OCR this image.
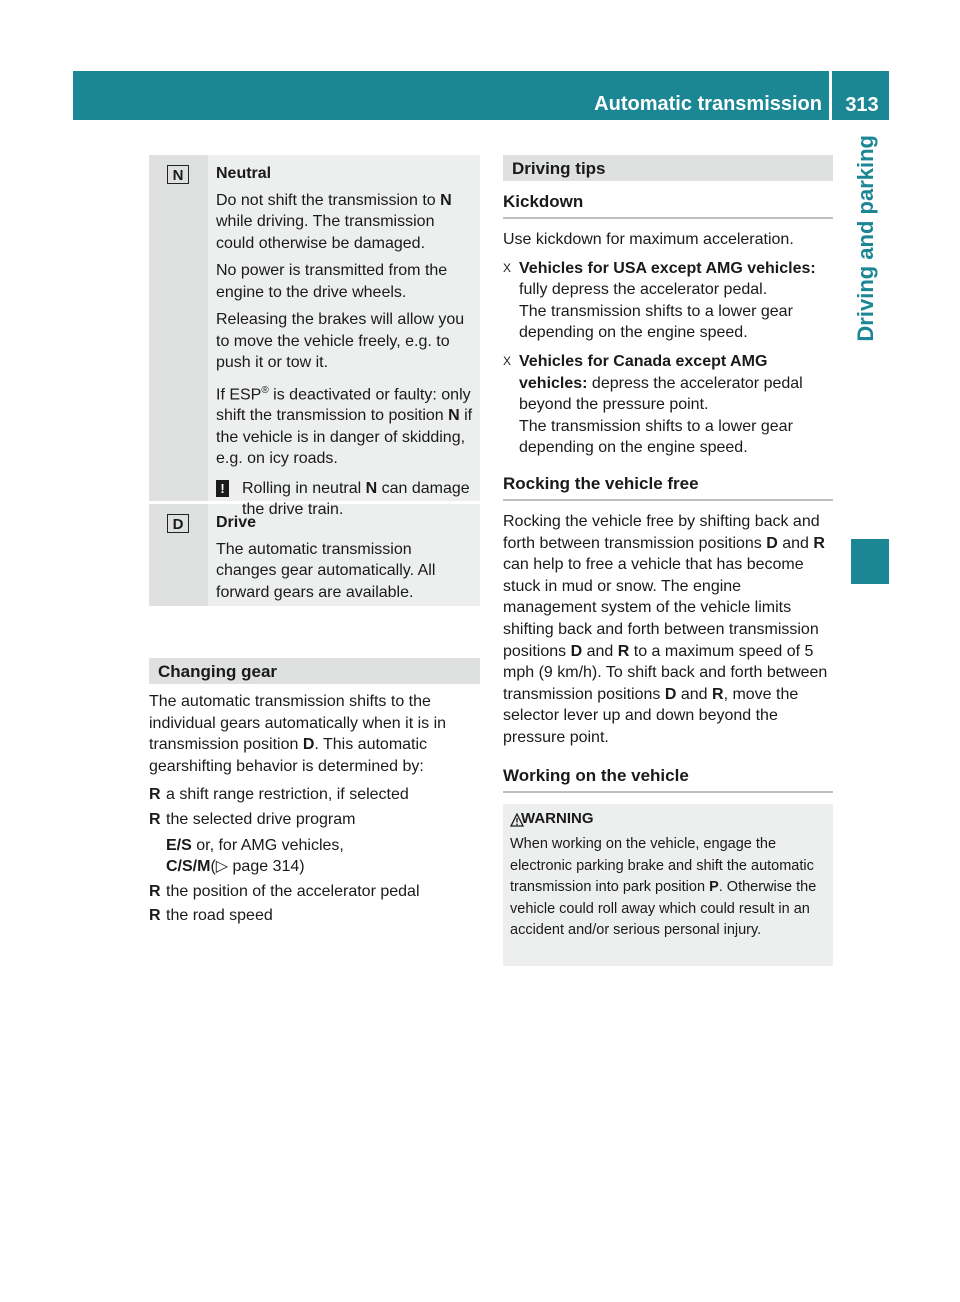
Automatic transmission	313
Driving and parking
N	Neutral

Do not shift the transmission to N while driving. The transmission could otherwise be damaged.

No power is transmitted from the engine to the drive wheels.

Releasing the brakes will allow you to move the vehicle freely, e.g. to push it or tow it.

If ESP® is deactivated or faulty: only shift the transmission to position N if the vehicle is in danger of skidding, e.g. on icy roads.

! Rolling in neutral N can damage the drive train.
D	Drive

The automatic transmission changes gear automatically. All forward gears are available.

Changing gear

The automatic transmission shifts to the individual gears automatically when it is in transmission position D. This automatic gearshifting behavior is determined by:

R a shift range restriction, if selected
R the selected drive program
E/S or, for AMG vehicles,
C/S/M(▷ page 314)
R the position of the accelerator pedal
R the road speed
Driving tips
Kickdown

Use kickdown for maximum acceleration.

X Vehicles for USA except AMG vehicles: fully depress the accelerator pedal.
The transmission shifts to a lower gear depending on the engine speed.
X Vehicles for Canada except AMG vehicles: depress the accelerator pedal beyond the pressure point.
The transmission shifts to a lower gear depending on the engine speed.
Rocking the vehicle free

Rocking the vehicle free by shifting back and forth between transmission positions D and R can help to free a vehicle that has become stuck in mud or snow. The engine management system of the vehicle limits shifting back and forth between transmission positions D and R to a maximum speed of 5 mph (9 km/h). To shift back and forth between transmission positions D and R, move the selector lever up and down beyond the pressure point.

Working on the vehicle
WARNING
When working on the vehicle, engage the electronic parking brake and shift the automatic transmission into park position P. Otherwise the vehicle could roll away which could result in an accident and/or serious personal injury.
